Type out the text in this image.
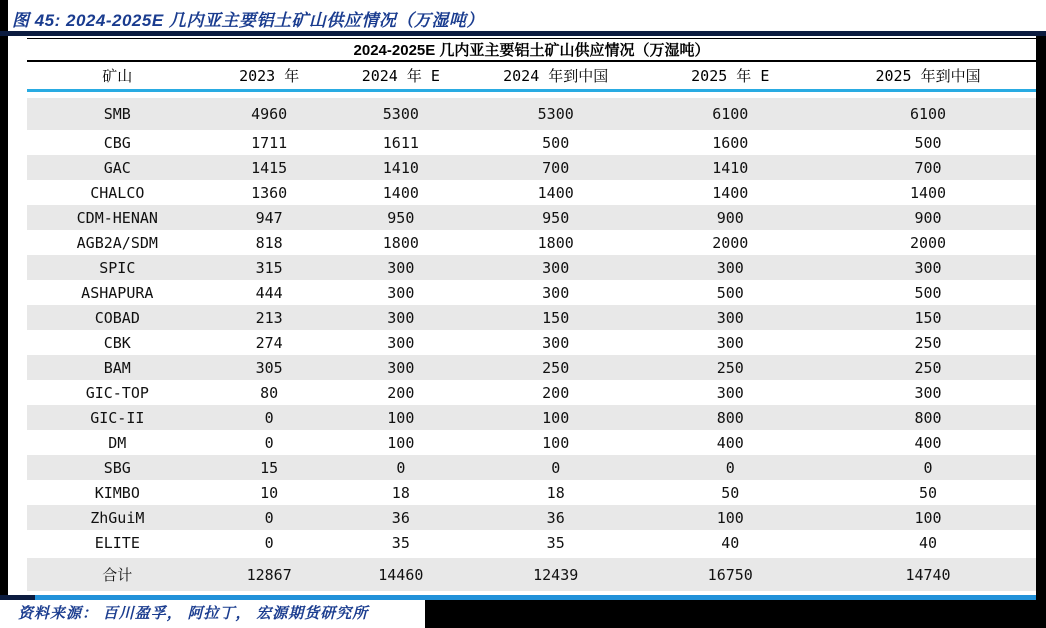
图 45: 2024-2025E 几内亚主要铝土矿山供应情况（万湿吨）
2024-2025E 几内亚主要铝土矿山供应情况（万湿吨）					
矿山	2023 年	2024 年 E	2024 年到中国	2025 年 E	2025 年到中国

SMB	4960	5300	5300	6100	6100
CBG	1711	1611	500	1600	500
GAC	1415	1410	700	1410	700
CHALCO	1360	1400	1400	1400	1400
CDM-HENAN	947	950	950	900	900
AGB2A/SDM	818	1800	1800	2000	2000
SPIC	315	300	300	300	300
ASHAPURA	444	300	300	500	500
COBAD	213	300	150	300	150
CBK	274	300	300	300	250
BAM	305	300	250	250	250
GIC-TOP	80	200	200	300	300
GIC-II	0	100	100	800	800
DM	0	100	100	400	400
SBG	15	0	0	0	0
KIMBO	10	18	18	50	50
ZhGuiM	0	36	36	100	100
ELITE	0	35	35	40	40

合计	12867	14460	12439	16750	14740
资料来源： 百川盈孚， 阿拉丁， 宏源期货研究所
